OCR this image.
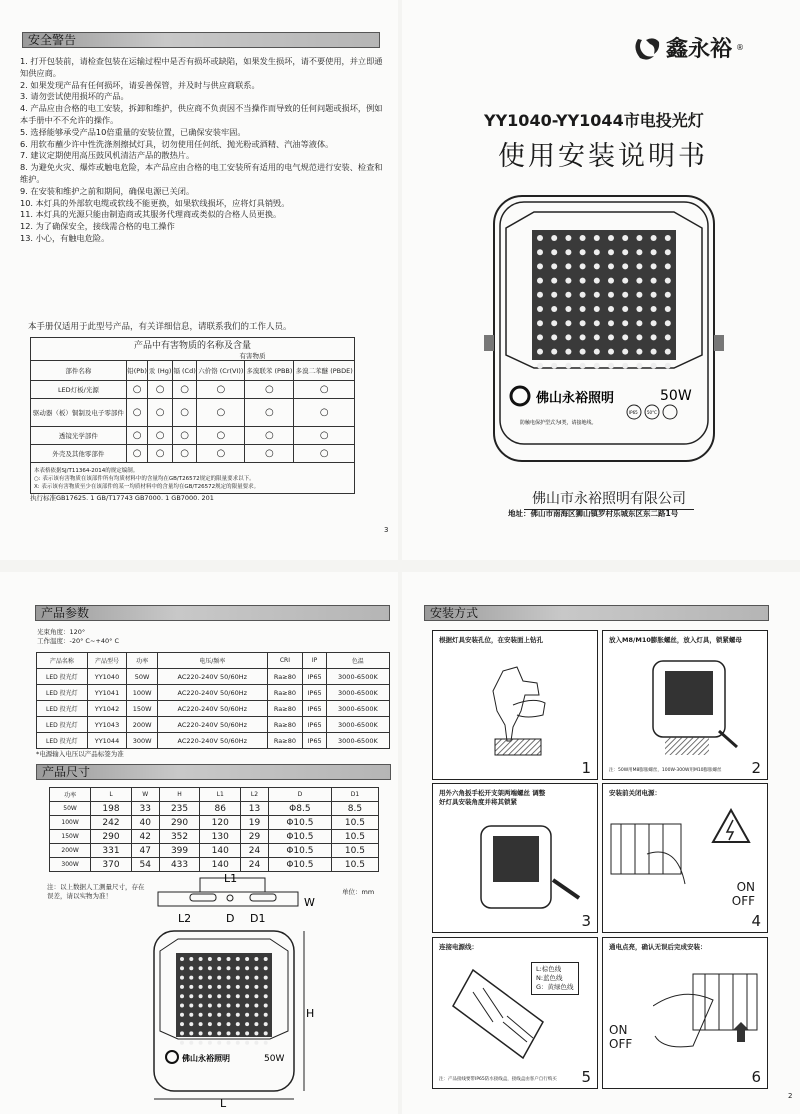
安全警告
1. 打开包装前，请检查包装在运输过程中是否有损坏或缺陷，如果发生损坏，请不要使用，并立即通知供应商。
2. 如果发现产品有任何损坏，请妥善保管，并及时与供应商联系。
3. 请勿尝试使用损坏的产品。
4. 产品应由合格的电工安装，拆卸和维护，供应商不负责因不当操作而导致的任何问题或损坏，例如本手册中不不允许的操作。
5. 选择能够承受产品10倍重量的安装位置，已确保安装牢固。
6. 用软布蘸少许中性洗涤剂擦拭灯具，切勿使用任何纸、抛光粉或酒精、汽油等液体。
7. 建议定期使用高压鼓风机清洁产品的散热片。
8. 为避免火灾、爆炸或触电危险，本产品应由合格的电工安装所有适用的电气规范进行安装、检查和维护。
9. 在安装和维护之前和期间，确保电源已关闭。
10. 本灯具的外部软电缆或软线不能更换，如果软线损坏，应将灯具销毁。
11. 本灯具的光源只能由制造商或其服务代理商或类似的合格人员更换。
12. 为了确保安全，接线需合格的电工操作
13. 小心，有触电危险。
本手册仅适用于此型号产品，有关详细信息，请联系我们的工作人员。
产品中有害物质的名称及含量						
有害物质						
部件名称	铅(Pb)	汞 (Hg)	镉 (Cd)	六价铬 (Cr(VI))	多溴联苯 (PBB)	多溴二苯醚 (PBDE)
LED灯板/光源	○	○	○	○	○	○
驱动器（板）铜制及电子零部件	○	○	○	○	○	○
透镜光学部件	○	○	○	○	○	○
外壳及其他零部件	○	○	○	○	○	○

本表格依据SJ/T11364-2014的规定编制。
○: 表示该有害物质在该部件所有均质材料中的含量均在GB/T26572规定的限量要求以下。
X: 表示该有害物质至少在该部件的某一均质材料中的含量均在GB/T26572规定的限量要求。						
执行标准GB17625. 1 GB/T17743 GB7000. 1 GB7000. 201
3
鑫永裕 ®
YY1040-YY1044市电投光灯
使用安装说明书
佛山永裕照明	50W
防触电保护型式为I类，请接地线。
IP65 50°C
佛山市永裕照明有限公司
地址：佛山市南海区狮山镇罗村乐城东区东二路1号
产品参数
光束角度：120°
工作温度：-20° C~+40° C
产品名称	产品型号	功率	电压/频率	CRI	IP	色温
LED 投光灯	YY1040	50W	AC220-240V 50/60Hz	Ra≥80	IP65	3000-6500K
LED 投光灯	YY1041	100W	AC220-240V 50/60Hz	Ra≥80	IP65	3000-6500K
LED 投光灯	YY1042	150W	AC220-240V 50/60Hz	Ra≥80	IP65	3000-6500K
LED 投光灯	YY1043	200W	AC220-240V 50/60Hz	Ra≥80	IP65	3000-6500K
LED 投光灯	YY1044	300W	AC220-240V 50/60Hz	Ra≥80	IP65	3000-6500K
*电源输入电压以产品标签为准
产品尺寸
功率	L	W	H	L1	L2	D	D1
50W	198	33	235	86	13	Φ8.5	8.5
100W	242	40	290	120	19	Φ10.5	10.5
150W	290	42	352	130	29	Φ10.5	10.5
200W	331	47	399	140	24	Φ10.5	10.5
300W	370	54	433	140	24	Φ10.5	10.5
注：以上数据人工测量尺寸，存在误差，请以实物为准！	单位：mm
L1
L2	D D1
W
佛山永裕照明	50W
L
H
安装方式
根据灯具安装孔位，在安装面上钻孔
1
放入M8/M10膨胀螺丝，放入灯具，锁紧螺母
注：50W用M8膨胀螺丝，100W-300W用M10膨胀螺丝 2
用外六角扳手松开支架两端螺丝 调整好灯具安装角度并将其锁紧
3
安装前关闭电源：
ON
OFF
4
连接电源线：
L:棕色线
N:蓝色线
G：黄绿色线
注：产品接线要带IP65防水接线盒，接线盒由客户自行购买 5
通电点亮，确认无误后完成安装：
ON
OFF
6
2
